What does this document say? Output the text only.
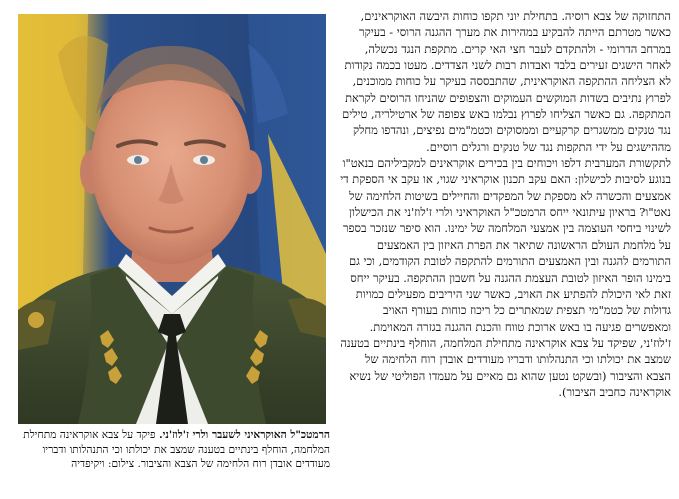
התחזוקה של צבא רוסיה. בתחילת יוני תקפו כוחות היבשה האוקראינים, כאשר מטרתם הייתה להבקיע במהירות את מערך ההגנה הרוסי - בעיקר במרחב הדרומי - ולהתקדם לעבר חצי האי קרים. מתקפת הנגד נכשלה, לאחר הישגים זעירים בלבד ואבדות רבות לשני הצדדים. מעטו בכמה נקודות לא הצליחה ההתקפה האוקראינית, שהתבססה בעיקר על כוחות ממוכנים, לפרוץ נתיבים בשדות המוקשים העמוקים והצפופים שהניחו הרוסים לקראת המתקפה. גם כאשר הצליחו לפרוץ נבלמו באש צפופה של ארטילריה, טילים נגד טנקים ממשגרים קרקעיים וממסוקים וכטמ"מים נפיצים, ונהדפו מחלק מההישגים על ידי התקפות נגד של טנקים ורגלים רוסיים.

לתקשורת המערבית דלפו ויכוחים בין בכירים אוקראינים למקביליהם בנאט"ו בנוגע לסיבות לכישלון: האם עקב תכנון אוקראיני שגוי, או עקב אי הספקת די אמצעים והכשרה לא מספקת של המפקדים והחיילים בשיטות הלחימה של נאט"ו? בראיון עיתונאי ייחס הרמטכ"ל האוקראיני ולרי ז'לוז'ני את הכישלון לשינוי ביחסי העוצמה בין אמצעי המלחמה של ימינו. הוא סיפר שנזכר בספר על מלחמת העולם הראשונה שתיאר את הפרת האיזון בין האמצעים התורמים להגנה ובין האמצעים התורמים להתקפה לטובת הקודמים, וכי גם בימינו הופר האיזון לטובת העצמת ההגנה על חשבון ההתקפה. בעיקר ייחס זאת לאי היכולת להפתיע את האויב, כאשר שני היריבים מפעילים כמויות גדולות של כטמ"מי תצפית שמאתרים כל ריכוז כוחות בעורף האויב ומאפשרים פגיעה בו באש ארוכת טווח והכנת ההגנה בגזרה המאוימת. ז'לוז'ני, שפיקד על צבא אוקראינה מתחילת המלחמה, הוחלף בינתיים בטענה שמצב את יכולתו וכי התנהלותו ודבריו מעודדים אובדן רוח הלחימה של הצבא והציבור (ובשקט נטען שהוא גם מאיים על מעמדו הפוליטי של נשיא אוקראינה כחביב הציבור).

הרמטכ"ל האוקראיני לשעבר ולרי ז'לוז'ני. פיקד על צבא אוקראינה מתחילת המלחמה, הוחלף בינתיים בטענה שמצב את יכולתו וכי התנהלותו ודבריו מעודדים אובדן רוח הלחימה של הצבא והציבור. צילום: ויקיפדיה
